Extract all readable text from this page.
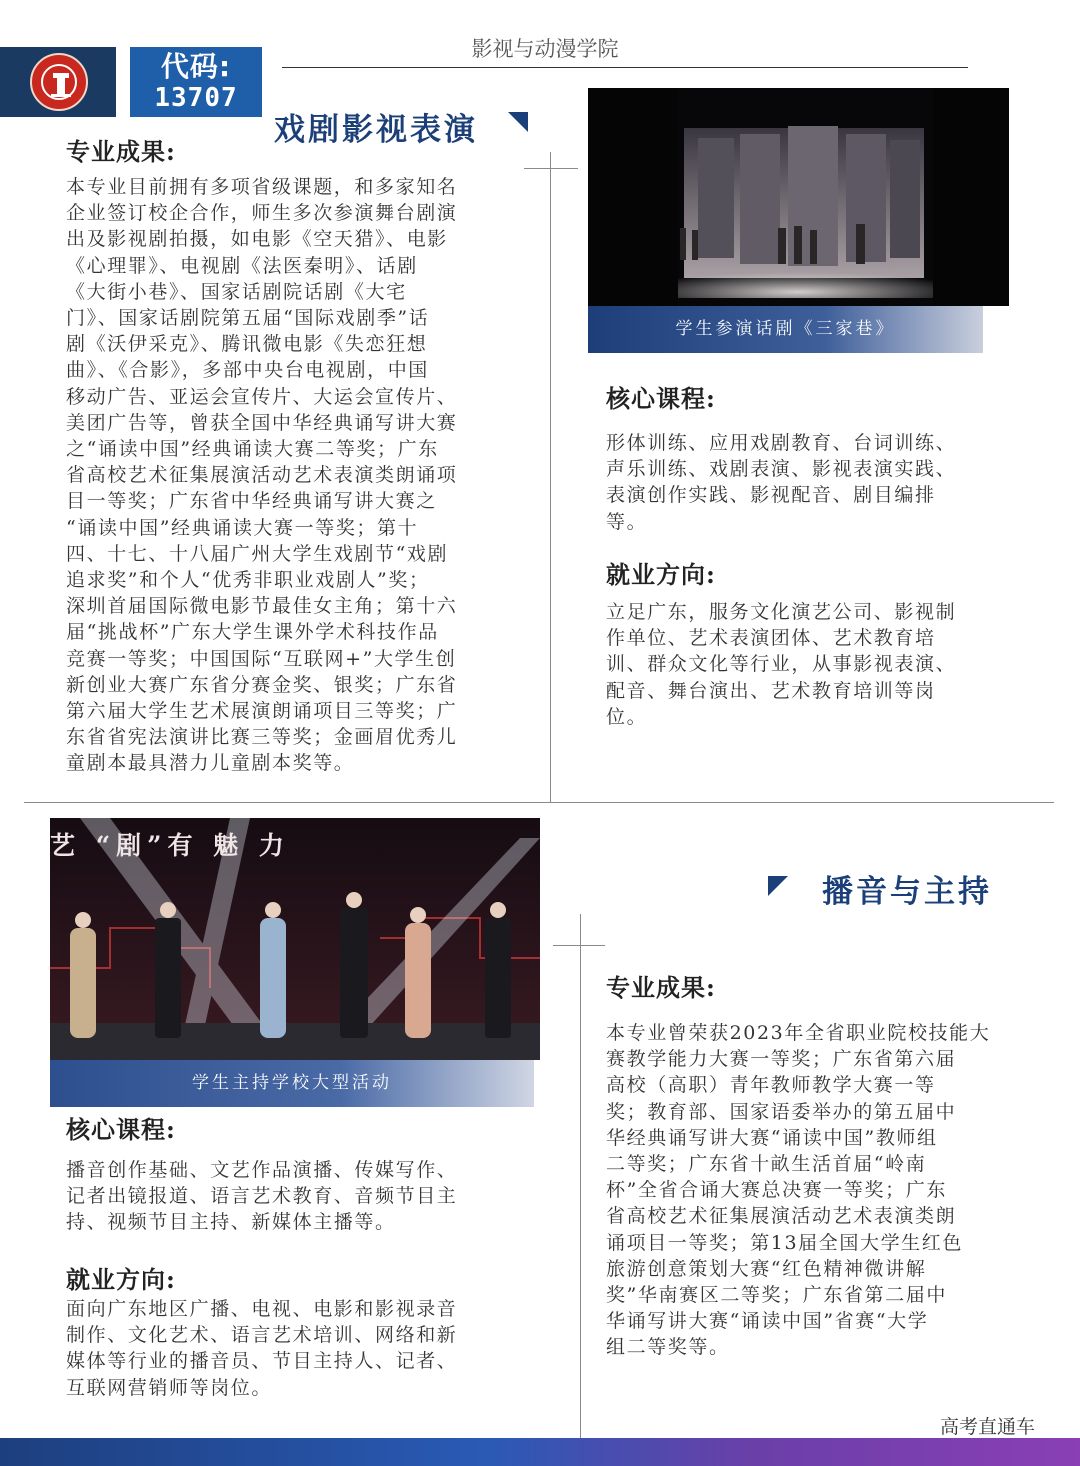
代码:
13707
影视与动漫学院
戏剧影视表演
专业成果:
本专业目前拥有多项省级课题，和多家知名
企业签订校企合作，师生多次参演舞台剧演
出及影视剧拍摄，如电影《空天猎》、电影
《心理罪》、电视剧《法医秦明》、话剧
《大街小巷》、国家话剧院话剧《大宅
门》、国家话剧院第五届“国际戏剧季”话
剧《沃伊采克》、腾讯微电影《失恋狂想
曲》、《合影》，多部中央台电视剧，中国
移动广告、亚运会宣传片、大运会宣传片、
美团广告等，曾获全国中华经典诵写讲大赛
之“诵读中国”经典诵读大赛二等奖；广东
省高校艺术征集展演活动艺术表演类朗诵项
目一等奖；广东省中华经典诵写讲大赛之
“诵读中国”经典诵读大赛一等奖；第十
四、十七、十八届广州大学生戏剧节“戏剧
追求奖”和个人“优秀非职业戏剧人”奖；
深圳首届国际微电影节最佳女主角；第十六
届“挑战杯”广东大学生课外学术科技作品
竞赛一等奖；中国国际“互联网+”大学生创
新创业大赛广东省分赛金奖、银奖；广东省
第六届大学生艺术展演朗诵项目三等奖；广
东省省宪法演讲比赛三等奖；金画眉优秀儿
童剧本最具潜力儿童剧本奖等。
学生参演话剧《三家巷》
核心课程:
形体训练、应用戏剧教育、台词训练、
声乐训练、戏剧表演、影视表演实践、
表演创作实践、影视配音、剧目编排
等。
就业方向:
立足广东，服务文化演艺公司、影视制
作单位、艺术表演团体、艺术教育培
训、群众文化等行业，从事影视表演、
配音、舞台演出、艺术教育培训等岗
位。
艺 “剧”有 魅 力
学生主持学校大型活动
核心课程:
播音创作基础、文艺作品演播、传媒写作、
记者出镜报道、语言艺术教育、音频节目主
持、视频节目主持、新媒体主播等。
就业方向:
面向广东地区广播、电视、电影和影视录音
制作、文化艺术、语言艺术培训、网络和新
媒体等行业的播音员、节目主持人、记者、
互联网营销师等岗位。
播音与主持
专业成果:
本专业曾荣获2023年全省职业院校技能大
赛教学能力大赛一等奖；广东省第六届
高校（高职）青年教师教学大赛一等
奖；教育部、国家语委举办的第五届中
华经典诵写讲大赛“诵读中国”教师组
二等奖；广东省十畝生活首届“岭南
杯”全省合诵大赛总决赛一等奖；广东
省高校艺术征集展演活动艺术表演类朗
诵项目一等奖；第13届全国大学生红色
旅游创意策划大赛“红色精神微讲解
奖”华南赛区二等奖；广东省第二届中
华诵写讲大赛“诵读中国”省赛“大学
组二等奖等。
高考直通车
